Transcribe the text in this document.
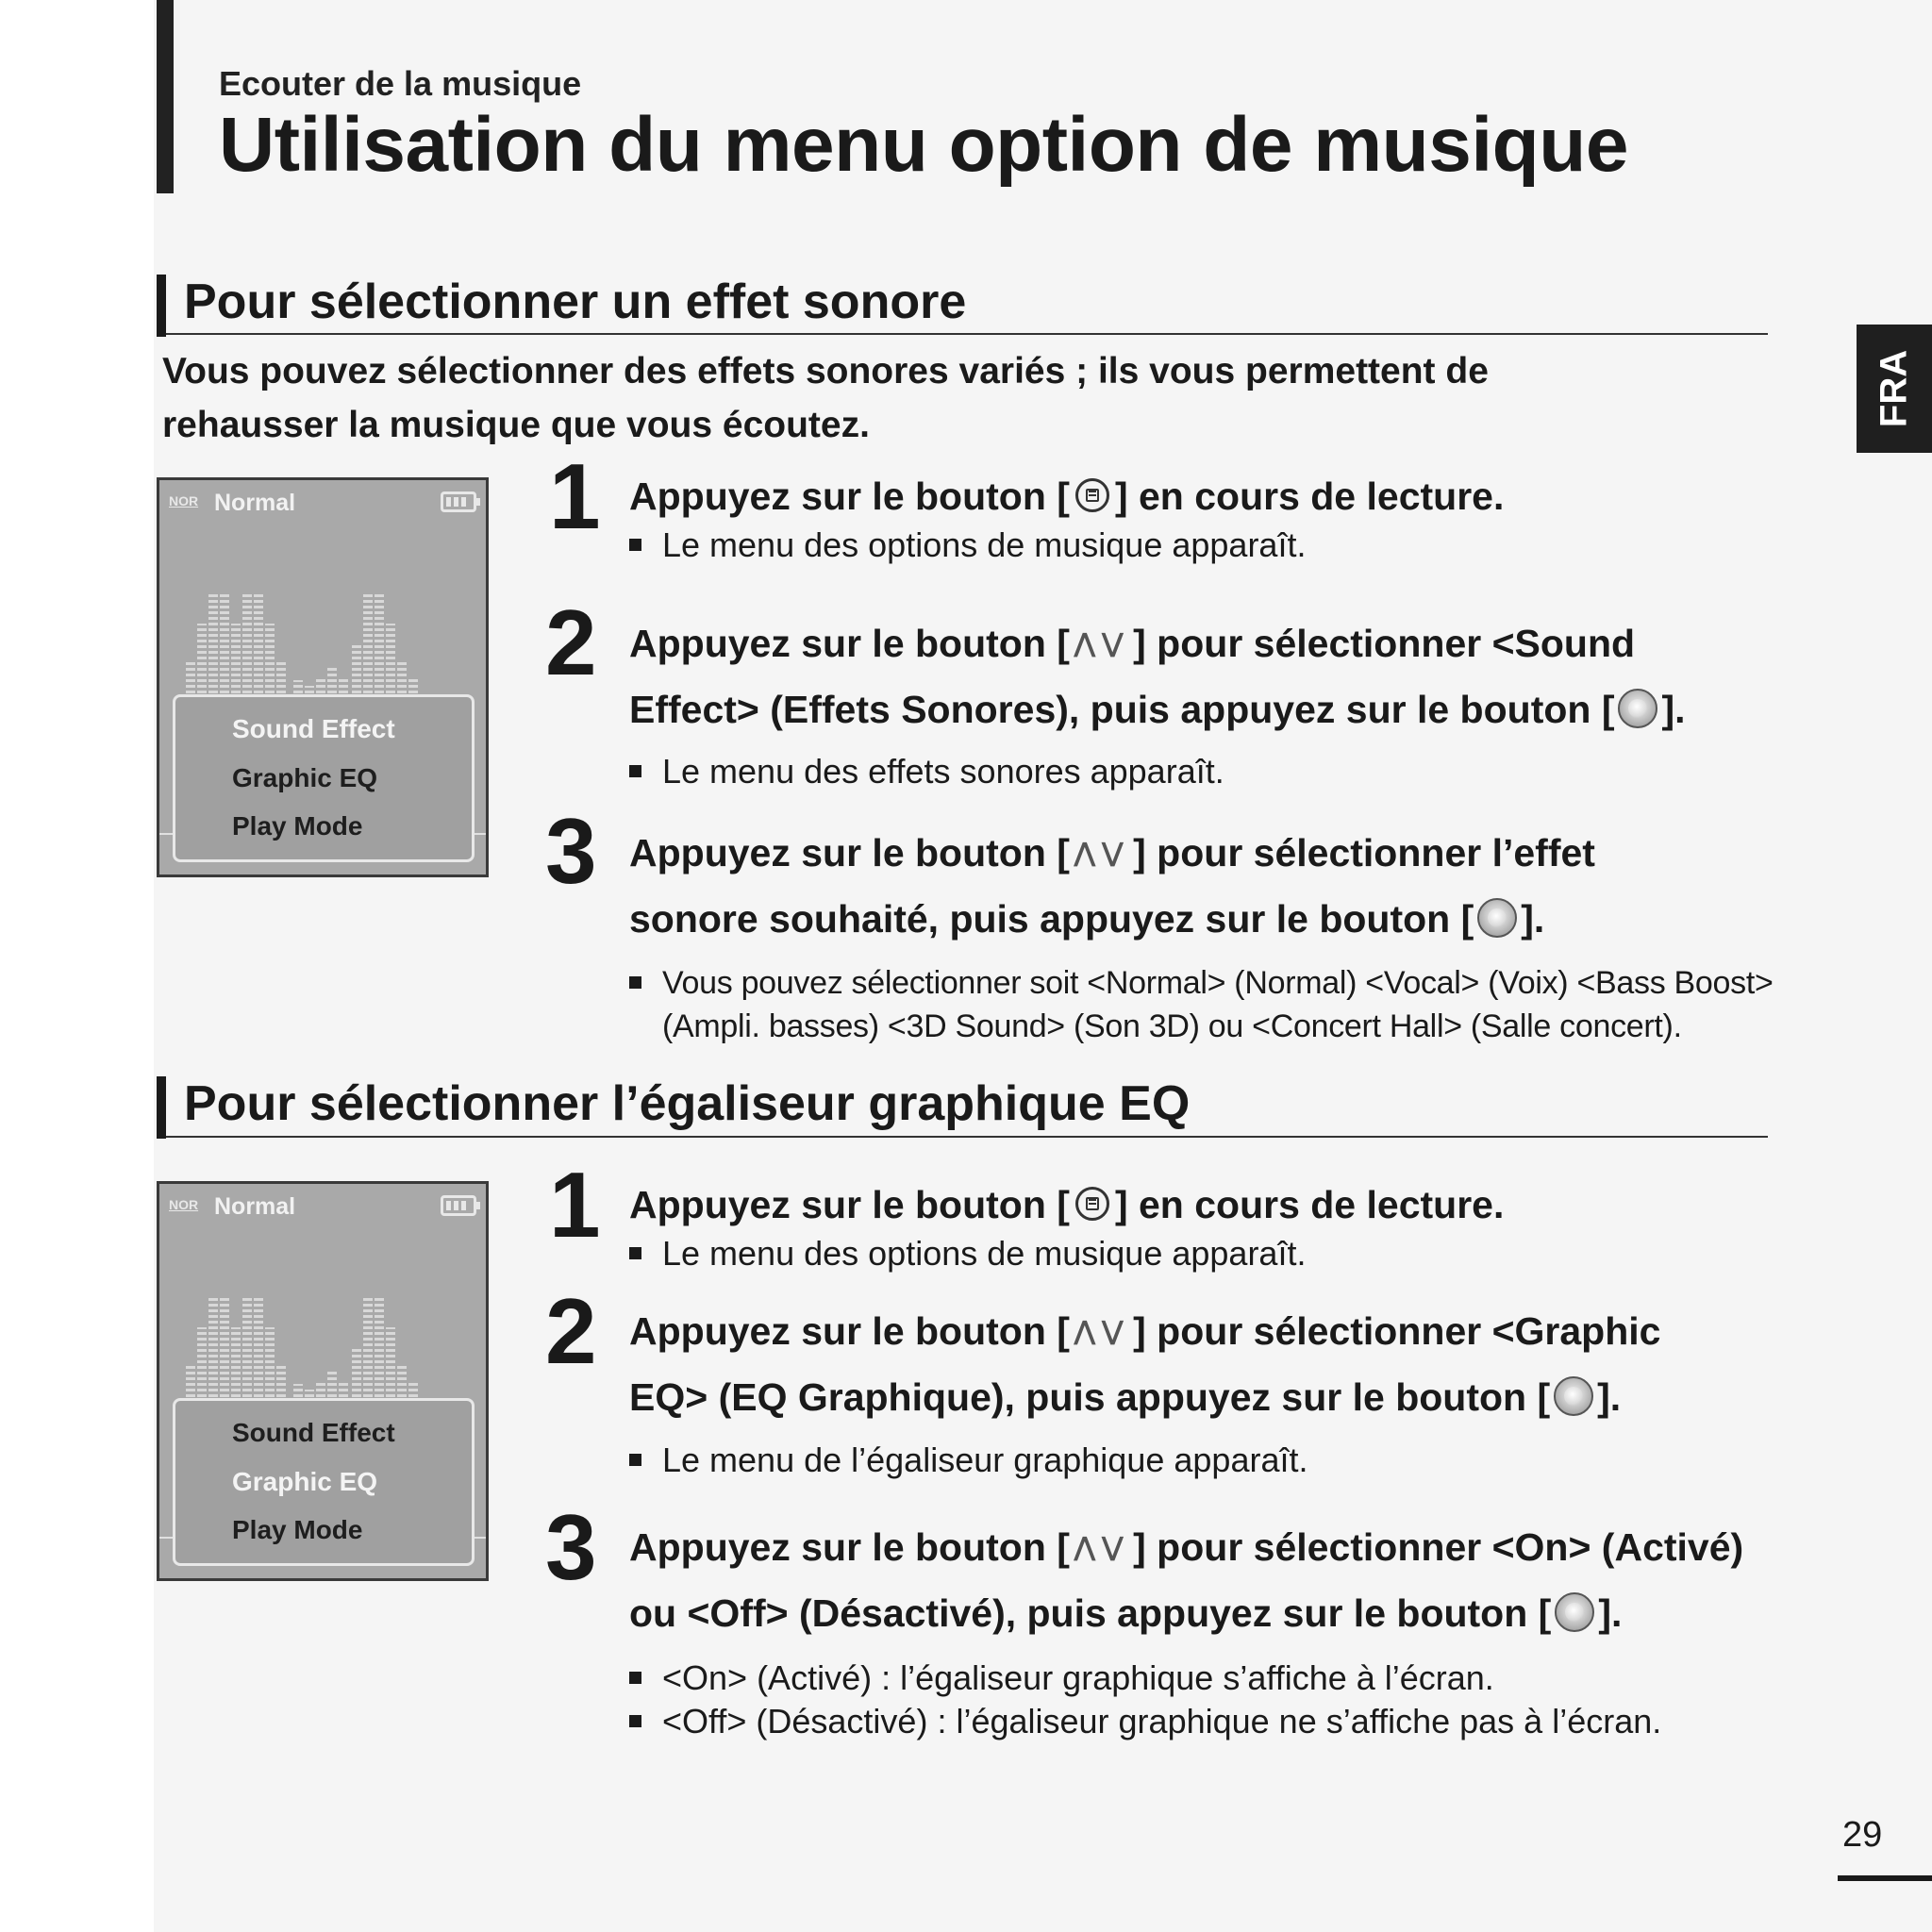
Ecouter de la musique
Utilisation du menu option de musique
FRA
Pour sélectionner un effet sonore
Vous pouvez sélectionner des effets sonores variés ; ils vous permettent de
rehausser la musique que vous écoutez.
NOR Normal
Sound Effect
Graphic EQ
Play Mode
1 Appuyez sur le bouton [ ] en cours de lecture.
Le menu des options de musique apparaît.
2 Appuyez sur le bouton [ ⋀⋁] pour sélectionner <Sound
Effect> (Effets Sonores), puis appuyez sur le bouton [ ].
Le menu des effets sonores apparaît.
3 Appuyez sur le bouton [ ⋀⋁] pour sélectionner l’effet
sonore souhaité, puis appuyez sur le bouton [ ].
Vous pouvez sélectionner soit <Normal> (Normal) <Vocal> (Voix) <Bass Boost>
(Ampli. basses) <3D Sound> (Son 3D) ou <Concert Hall> (Salle concert).
Pour sélectionner l’égaliseur graphique EQ
NOR Normal
Sound Effect
Graphic EQ
Play Mode
1 Appuyez sur le bouton [ ] en cours de lecture.
Le menu des options de musique apparaît.
2 Appuyez sur le bouton [ ⋀⋁] pour sélectionner <Graphic
EQ> (EQ Graphique), puis appuyez sur le bouton [ ].
Le menu de l’égaliseur graphique apparaît.
3 Appuyez sur le bouton [ ⋀⋁] pour sélectionner <On> (Activé)
ou <Off> (Désactivé), puis appuyez sur le bouton [ ].
<On> (Activé) : l’égaliseur graphique s’affiche à l’écran.
<Off> (Désactivé) : l’égaliseur graphique ne s’affiche pas à l’écran.
29
